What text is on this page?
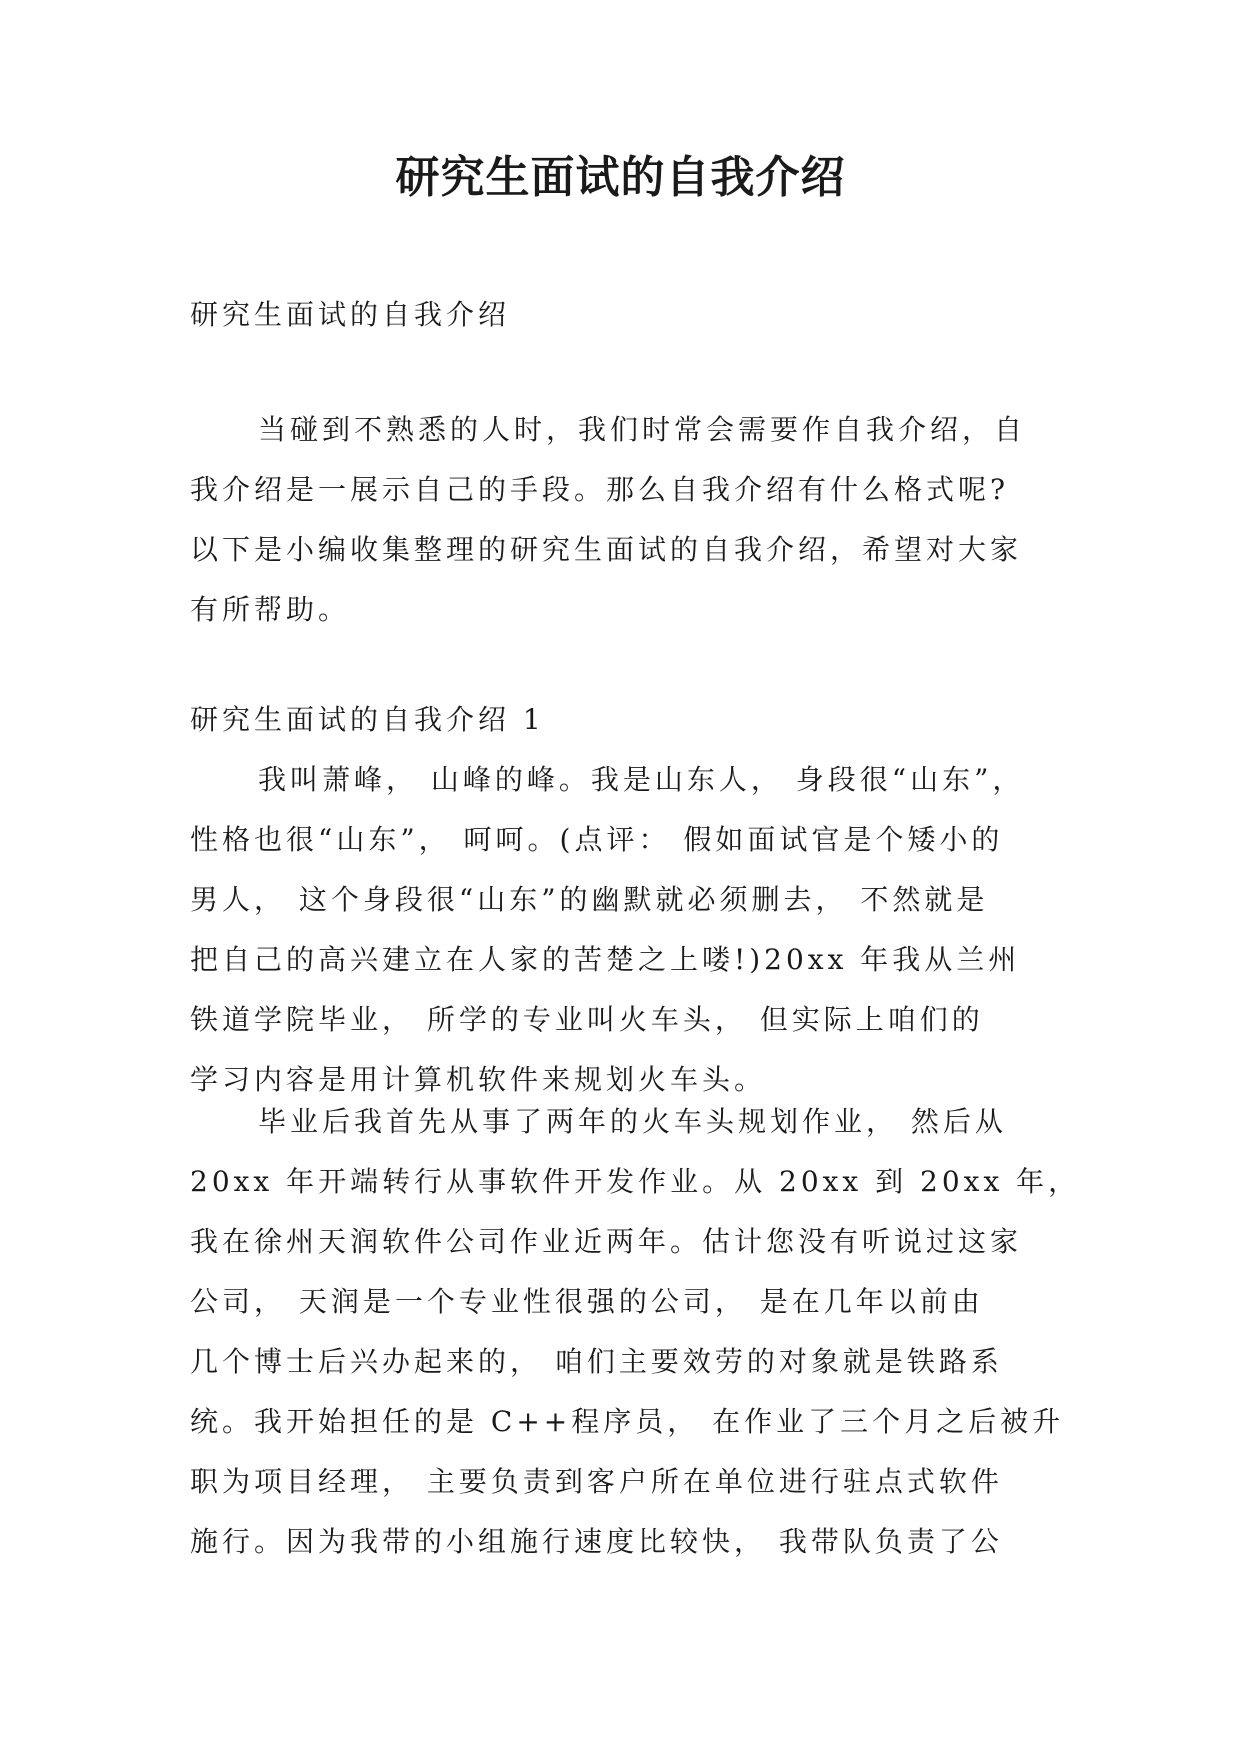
研究生面试的自我介绍
研究生面试的自我介绍
当碰到不熟悉的人时，我们时常会需要作自我介绍，自
我介绍是一展示自己的手段。那么自我介绍有什么格式呢?
以下是小编收集整理的研究生面试的自我介绍，希望对大家
有所帮助。
研究生面试的自我介绍 1
我叫萧峰， 山峰的峰。我是山东人， 身段很“山东”，
性格也很“山东”， 呵呵。(点评： 假如面试官是个矮小的
男人， 这个身段很“山东”的幽默就必须删去， 不然就是
把自己的高兴建立在人家的苦楚之上喽!)20xx 年我从兰州
铁道学院毕业， 所学的专业叫火车头， 但实际上咱们的
学习内容是用计算机软件来规划火车头。
毕业后我首先从事了两年的火车头规划作业， 然后从
20xx 年开端转行从事软件开发作业。从 20xx 到 20xx 年，
我在徐州天润软件公司作业近两年。估计您没有听说过这家
公司， 天润是一个专业性很强的公司， 是在几年以前由
几个博士后兴办起来的， 咱们主要效劳的对象就是铁路系
统。我开始担任的是 C++程序员， 在作业了三个月之后被升
职为项目经理， 主要负责到客户所在单位进行驻点式软件
施行。因为我带的小组施行速度比较快， 我带队负责了公
